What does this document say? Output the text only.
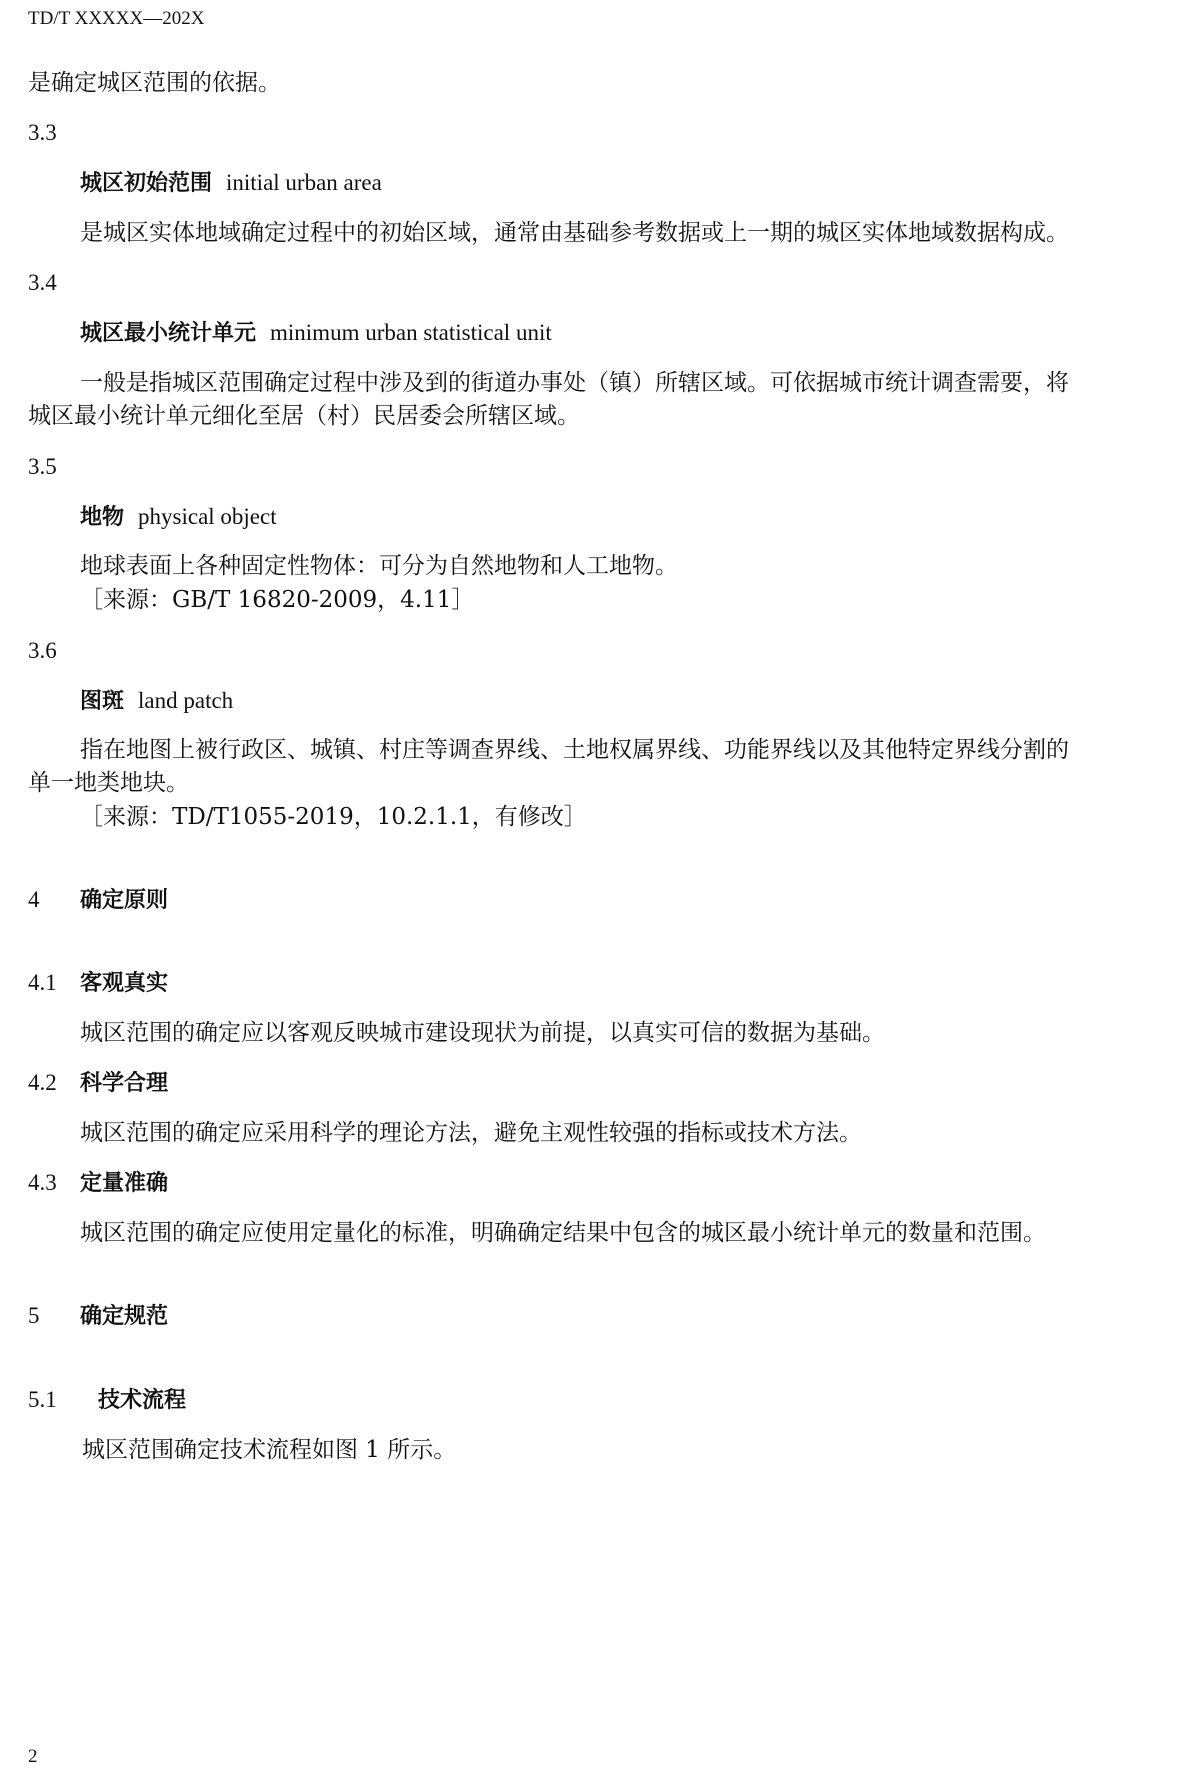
TD/T XXXXX—202X
是确定城区范围的依据。
3.3
城区初始范围 initial urban area
是城区实体地域确定过程中的初始区域，通常由基础参考数据或上一期的城区实体地域数据构成。
3.4
城区最小统计单元 minimum urban statistical unit
一般是指城区范围确定过程中涉及到的街道办事处（镇）所辖区域。可依据城市统计调查需要，将
城区最小统计单元细化至居（村）民居委会所辖区域。
3.5
地物 physical object
地球表面上各种固定性物体：可分为自然地物和人工地物。
［来源：GB/T 16820-2009，4.11］
3.6
图斑 land patch
指在地图上被行政区、城镇、村庄等调查界线、土地权属界线、功能界线以及其他特定界线分割的
单一地类地块。
［来源：TD/T1055-2019，10.2.1.1，有修改］
4 确定原则
4.1 客观真实
城区范围的确定应以客观反映城市建设现状为前提，以真实可信的数据为基础。
4.2 科学合理
城区范围的确定应采用科学的理论方法，避免主观性较强的指标或技术方法。
4.3 定量准确
城区范围的确定应使用定量化的标准，明确确定结果中包含的城区最小统计单元的数量和范围。
5 确定规范
5.1 技术流程
城区范围确定技术流程如图 1 所示。
2
